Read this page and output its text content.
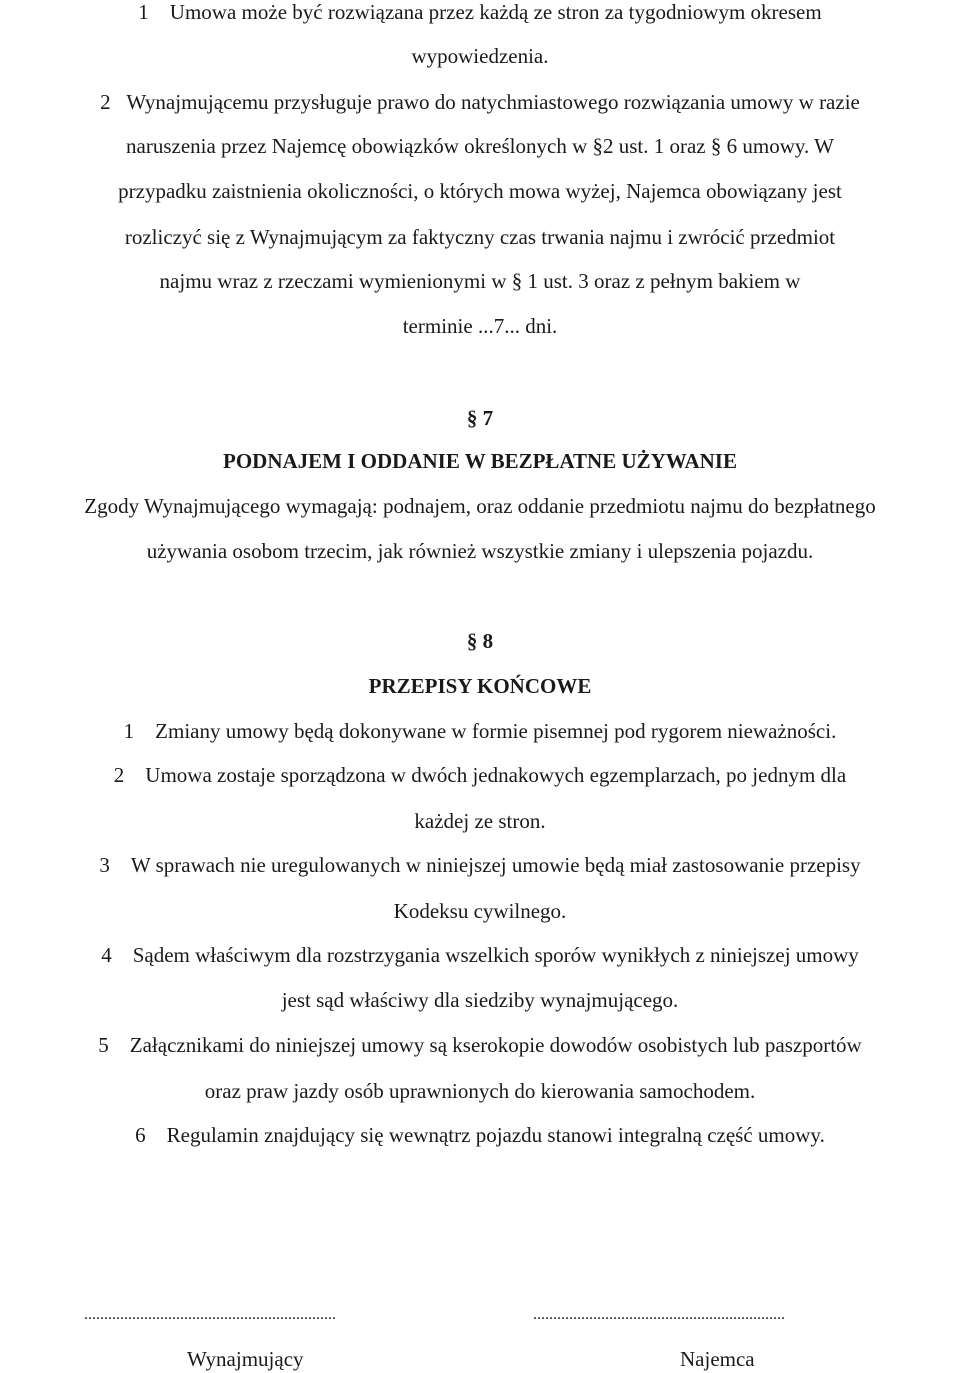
1 Umowa może być rozwiązana przez każdą ze stron za tygodniowym okresem
wypowiedzenia.
2 Wynajmującemu przysługuje prawo do natychmiastowego rozwiązania umowy w razie
naruszenia przez Najemcę obowiązków określonych w §2 ust. 1 oraz § 6 umowy. W
przypadku zaistnienia okoliczności, o których mowa wyżej, Najemca obowiązany jest
rozliczyć się z Wynajmującym za faktyczny czas trwania najmu i zwrócić przedmiot
najmu wraz z rzeczami wymienionymi w § 1 ust. 3 oraz z pełnym bakiem w
terminie ...7... dni.
§ 7
PODNAJEM I ODDANIE W BEZPŁATNE UŻYWANIE
Zgody Wynajmującego wymagają: podnajem, oraz oddanie przedmiotu najmu do bezpłatnego
używania osobom trzecim, jak również wszystkie zmiany i ulepszenia pojazdu.
§ 8
PRZEPISY KOŃCOWE
1 Zmiany umowy będą dokonywane w formie pisemnej pod rygorem nieważności.
2 Umowa zostaje sporządzona w dwóch jednakowych egzemplarzach, po jednym dla
każdej ze stron.
3 W sprawach nie uregulowanych w niniejszej umowie będą miał zastosowanie przepisy
Kodeksu cywilnego.
4 Sądem właściwym dla rozstrzygania wszelkich sporów wynikłych z niniejszej umowy
jest sąd właściwy dla siedziby wynajmującego.
5 Załącznikami do niniejszej umowy są kserokopie dowodów osobistych lub paszportów
oraz praw jazdy osób uprawnionych do kierowania samochodem.
6 Regulamin znajdujący się wewnątrz pojazdu stanowi integralną część umowy.
...............................................................	...............................................................
Wynajmujący	Najemca
